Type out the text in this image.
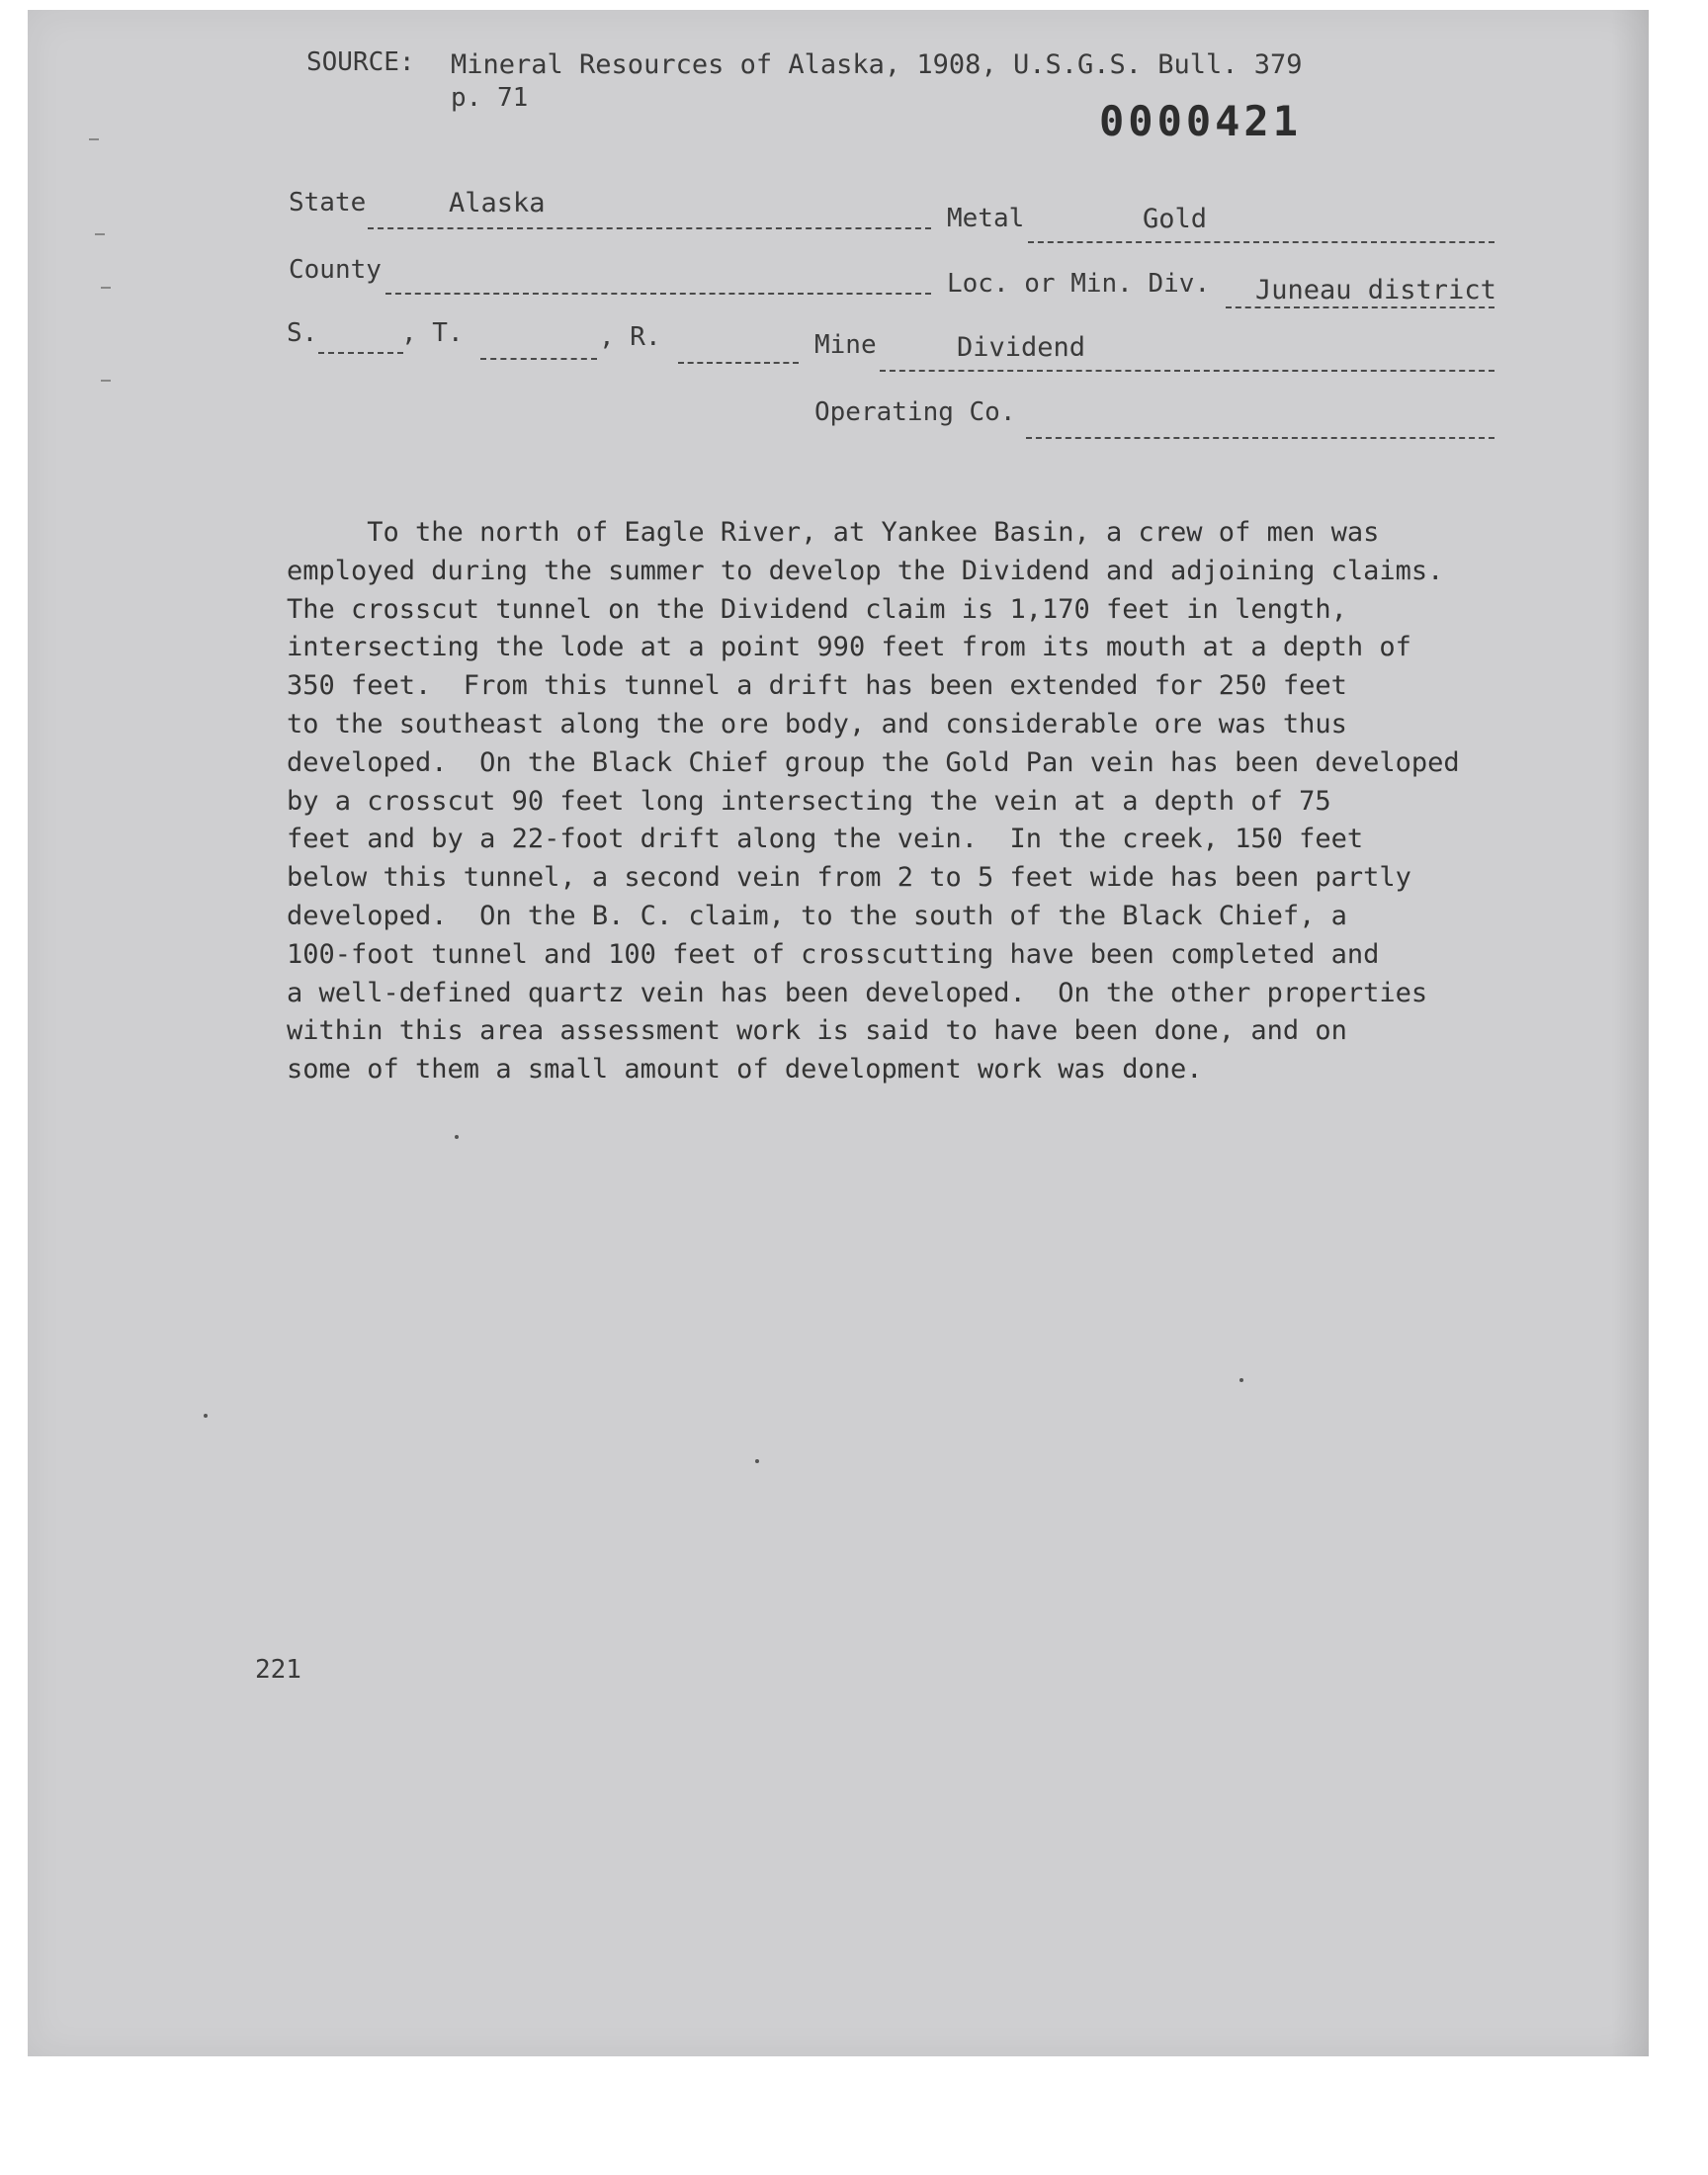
SOURCE: Mineral Resources of Alaska, 1908, U.S.G.S. Bull. 379
p. 71	0000421
State	Alaska	Metal	Gold
County	Loc. or Min. Div. Juneau district
S.	, T.	, R.	Mine	Dividend
Operating Co.
To the north of Eagle River, at Yankee Basin, a crew of men was
employed during the summer to develop the Dividend and adjoining claims.
The crosscut tunnel on the Dividend claim is 1,170 feet in length,
intersecting the lode at a point 990 feet from its mouth at a depth of
350 feet.  From this tunnel a drift has been extended for 250 feet
to the southeast along the ore body, and considerable ore was thus
developed.  On the Black Chief group the Gold Pan vein has been developed
by a crosscut 90 feet long intersecting the vein at a depth of 75
feet and by a 22-foot drift along the vein.  In the creek, 150 feet
below this tunnel, a second vein from 2 to 5 feet wide has been partly
developed.  On the B. C. claim, to the south of the Black Chief, a
100-foot tunnel and 100 feet of crosscutting have been completed and
a well-defined quartz vein has been developed.  On the other properties
within this area assessment work is said to have been done, and on
some of them a small amount of development work was done.
221
